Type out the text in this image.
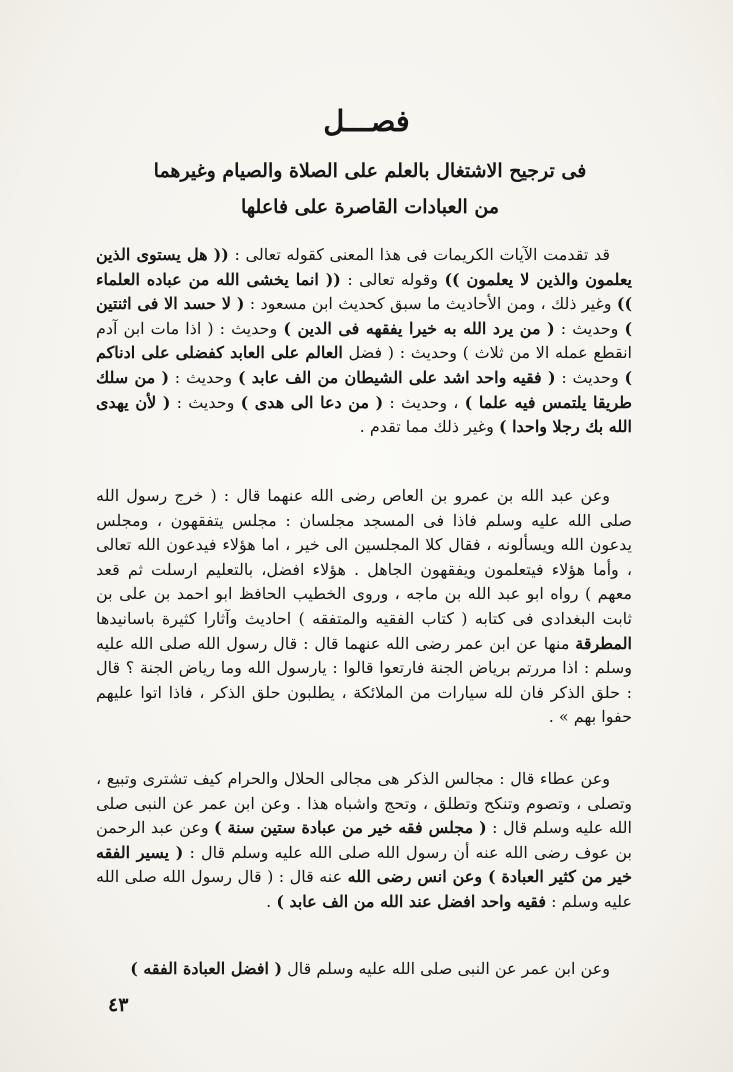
فصـــل
فى ترجيح الاشتغال بالعلم على الصلاة والصيام وغيرهما
من العبادات القاصرة على فاعلها

قد تقدمت الآيات الكريمات فى هذا المعنى كقوله تعالى : (( هل يستوى الذين يعلمون والذين لا يعلمون )) وقوله تعالى : (( انما يخشى الله من عباده العلماء )) وغير ذلك ، ومن الأحاديث ما سبق كحديث ابن مسعود : ( لا حسد الا فى اثنتين ) وحديث : ( من يرد الله به خيرا يفقهه فى الدين ) وحديث : ( اذا مات ابن آدم انقطع عمله الا من ثلاث ) وحديث : ( فضل العالم على العابد كفضلى على ادناكم ) وحديث : ( فقيه واحد اشد على الشيطان من الف عابد ) وحديث : ( من سلك طريقا يلتمس فيه علما ) ، وحديث : ( من دعا الى هدى ) وحديث : ( لأن يهدى الله بك رجلا واحدا ) وغير ذلك مما تقدم .

وعن عبد الله بن عمرو بن العاص رضى الله عنهما قال : ( خرج رسول الله صلى الله عليه وسلم فاذا فى المسجد مجلسان : مجلس يتفقهون ، ومجلس يدعون الله ويسألونه ، فقال كلا المجلسين الى خير ، اما هؤلاء فيدعون الله تعالى ، وأما هؤلاء فيتعلمون ويفقهون الجاهل . هؤلاء افضل، بالتعليم ارسلت ثم قعد معهم ) رواه ابو عبد الله بن ماجه ، وروى الخطيب الحافظ ابو احمد بن على بن ثابت البغدادى فى كتابه ( كتاب الفقيه والمتفقه ) احاديث وآثارا كثيرة باسانيدها المطرقة منها عن ابن عمر رضى الله عنهما قال : قال رسول الله صلى الله عليه وسلم : اذا مررتم برياض الجنة فارتعوا قالوا : يارسول الله وما رياض الجنة ؟ قال : حلق الذكر فان لله سيارات من الملائكة ، يطلبون حلق الذكر ، فاذا اتوا عليهم حفوا بهم » .

وعن عطاء قال : مجالس الذكر هى مجالى الحلال والحرام كيف تشترى وتبيع ، وتصلى ، وتصوم وتنكح وتطلق ، وتحج واشباه هذا . وعن ابن عمر عن النبى صلى الله عليه وسلم قال : ( مجلس فقه خير من عبادة ستين سنة ) وعن عبد الرحمن بن عوف رضى الله عنه أن رسول الله صلى الله عليه وسلم قال : ( يسير الفقه خير من كثير العبادة ) وعن انس رضى الله عنه قال : ( قال رسول الله صلى الله عليه وسلم : فقيه واحد افضل عند الله من الف عابد ) .

وعن ابن عمر عن النبى صلى الله عليه وسلم قال ( افضل العبادة الفقه )

٤٣
